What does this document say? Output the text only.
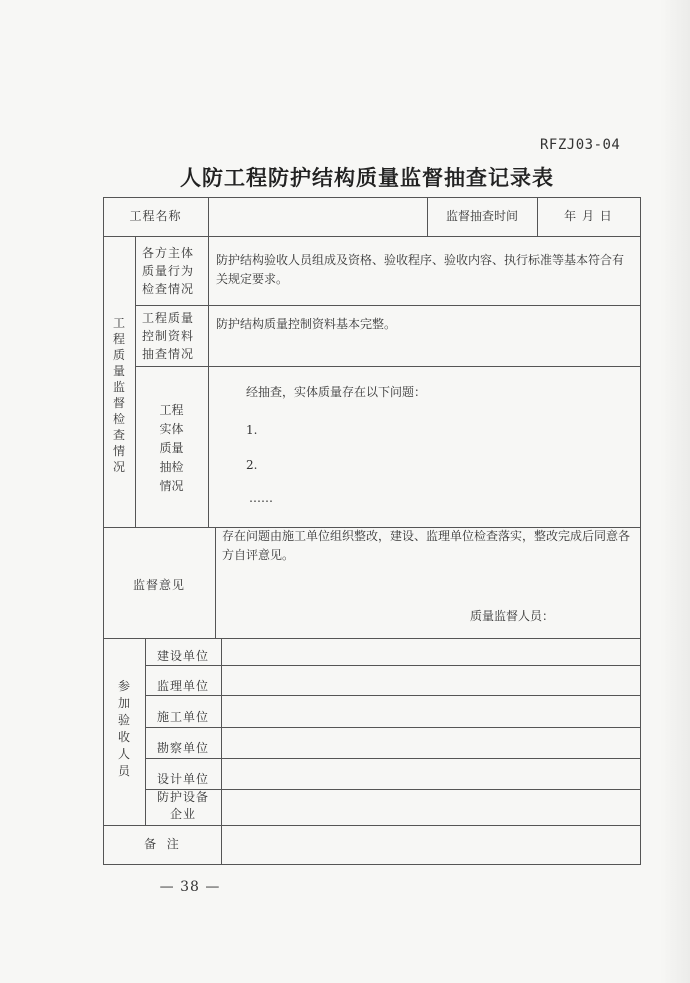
RFZJ03-04
人防工程防护结构质量监督抽查记录表
工程名称	监督抽查时间	年 月 日
工
程
质
量
监
督
检
查
情
况
各方主体质量行为检查情况
防护结构验收人员组成及资格、验收程序、验收内容、执行标准等基本符合有关规定要求。
工程质量控制资料抽查情况
防护结构质量控制资料基本完整。
工程
实体
质量
抽检
情况
经抽查，实体质量存在以下问题：
1.
2.
……
监督意见
存在问题由施工单位组织整改，建设、监理单位检查落实，整改完成后同意各方自评意见。
质量监督人员：
参
加
验
收
人
员
建设单位
监理单位
施工单位
勘察单位
设计单位
防护设备企业
备  注
— 38 —
